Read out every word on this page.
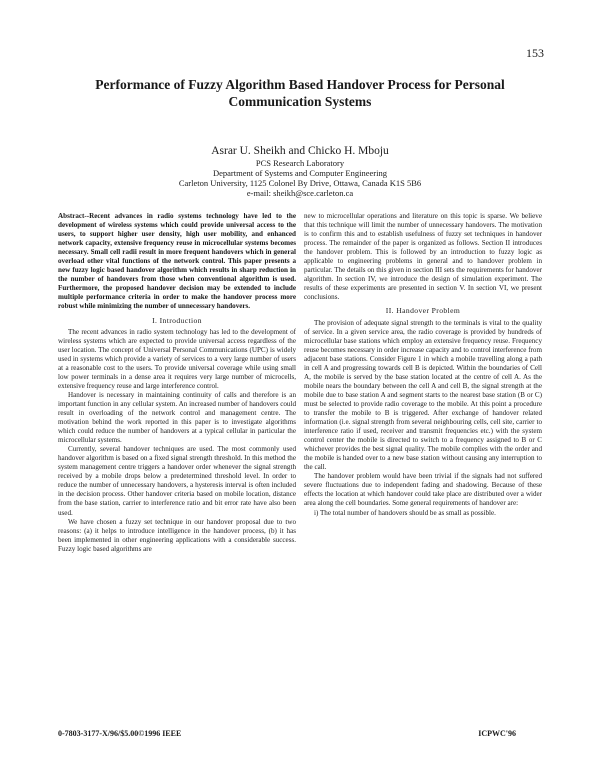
153
Performance of Fuzzy Algorithm Based Handover Process for Personal Communication Systems
Asrar U. Sheikh and Chicko H. Mboju
PCS Research Laboratory
Department of Systems and Computer Engineering
Carleton University, 1125 Colonel By Drive, Ottawa, Canada K1S 5B6
e-mail: sheikh@sce.carleton.ca

Abstract--Recent advances in radio systems technology have led to the development of wireless systems which could provide universal access to the users, to support higher user density, high user mobility, and enhanced network capacity, extensive frequency reuse in microcellular systems becomes necessary. Small cell radii result in more frequent handovers which in general overload other vital functions of the network control. This paper presents a new fuzzy logic based handover algorithm which results in sharp reduction in the number of handovers from those when conventional algorithm is used. Furthermore, the proposed handover decision may be extended to include multiple performance criteria in order to make the handover process more robust while minimizing the number of unnecessary handovers.

I. Introduction

The recent advances in radio system technology has led to the development of wireless systems which are expected to provide universal access regardless of the user location. The concept of Universal Personal Communications (UPC) is widely used in systems which provide a variety of services to a very large number of users at a reasonable cost to the users. To provide universal coverage while using small low power terminals in a dense area it requires very large number of microcells, extensive frequency reuse and large interference control.

Handover is necessary in maintaining continuity of calls and therefore is an important function in any cellular system. An increased number of handovers could result in overloading of the network control and management centre. The motivation behind the work reported in this paper is to investigate algorithms which could reduce the number of handovers at a typical cellular in particular the microcellular systems.

Currently, several handover techniques are used. The most commonly used handover algorithm is based on a fixed signal strength threshold. In this method the system management centre triggers a handover order whenever the signal strength received by a mobile drops below a predetermined threshold level. In order to reduce the number of unnecessary handovers, a hysteresis interval is often included in the decision process. Other handover criteria based on mobile location, distance from the base station, carrier to interference ratio and bit error rate have also been used.

We have chosen a fuzzy set technique in our handover proposal due to two reasons: (a) it helps to introduce intelligence in the handover process, (b) it has been implemented in other engineering applications with a considerable success. Fuzzy logic based algorithms are

new to microcellular operations and literature on this topic is sparse. We believe that this technique will limit the number of unnecessary handovers. The motivation is to confirm this and to establish usefulness of fuzzy set techniques in handover process. The remainder of the paper is organized as follows. Section II introduces the handover problem. This is followed by an introduction to fuzzy logic as applicable to engineering problems in general and to handover problem in particular. The details on this given in section III sets the requirements for handover algorithm. In section IV, we introduce the design of simulation experiment. The results of these experiments are presented in section V. In section VI, we present conclusions.

II. Handover Problem

The provision of adequate signal strength to the terminals is vital to the quality of service. In a given service area, the radio coverage is provided by hundreds of microcellular base stations which employ an extensive frequency reuse. Frequency reuse becomes necessary in order increase capacity and to control interference from adjacent base stations. Consider Figure 1 in which a mobile travelling along a path in cell A and progressing towards cell B is depicted. Within the boundaries of Cell A, the mobile is served by the base station located at the centre of cell A. As the mobile nears the boundary between the cell A and cell B, the signal strength at the mobile due to base station A and segment starts to the nearest base station (B or C) must be selected to provide radio coverage to the mobile. At this point a procedure to transfer the mobile to B is triggered. After exchange of handover related information (i.e. signal strength from several neighbouring cells, cell site, carrier to interference ratio if used, receiver and transmit frequencies etc.) with the system control center the mobile is directed to switch to a frequency assigned to B or C whichever provides the best signal quality. The mobile complies with the order and the mobile is handed over to a new base station without causing any interruption to the call.

The handover problem would have been trivial if the signals had not suffered severe fluctuations due to independent fading and shadowing. Because of these effects the location at which handover could take place are distributed over a wider area along the cell boundaries. Some general requirements of handover are:

i) The total number of handovers should be as small as possible.

0-7803-3177-X/96/$5.00©1996 IEEE	ICPWC'96
